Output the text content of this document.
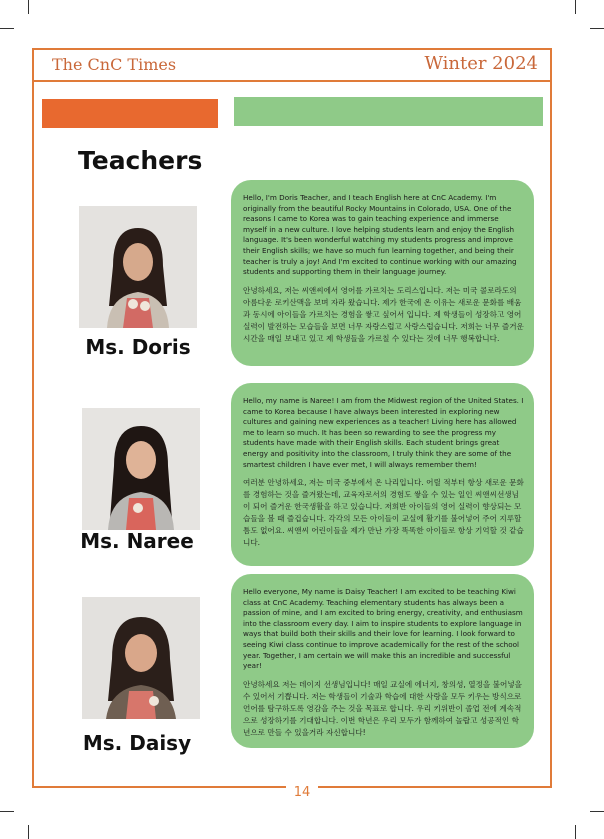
The CnC Times	Winter 2024
Teachers
Ms. Doris

Hello, I'm Doris Teacher, and I teach English here at CnC Academy. I'm originally from the beautiful Rocky Mountains in Colorado, USA. One of the reasons I came to Korea was to gain teaching experience and immerse myself in a new culture. I love helping students learn and enjoy the English language. It's been wonderful watching my students progress and improve their English skills; we have so much fun learning together, and being their teacher is truly a joy! And I'm excited to continue working with our amazing students and supporting them in their language journey.

안녕하세요, 저는 씨앤씨에서 영어를 가르치는 도리스입니다. 저는 미국 콜로라도의 아름다운 로키산맥을 보며 자라 왔습니다. 제가 한국에 온 이유는 새로운 문화를 배움과 동시에 아이들을 가르치는 경험을 쌓고 싶어서 입니다. 제 학생들이 성장하고 영어 실력이 발전하는 모습들을 보면 너무 자랑스럽고 사랑스럽습니다. 저희는 너무 즐거운 시간을 매일 보내고 있고 제 학생들을 가르칠 수 있다는 것에 너무 행복합니다.

Ms. Naree

Hello, my name is Naree! I am from the Midwest region of the United States. I came to Korea because I have always been interested in exploring new cultures and gaining new experiences as a teacher! Living here has allowed me to learn so much. It has been so rewarding to see the progress my students have made with their English skills. Each student brings great energy and positivity into the classroom, I truly think they are some of the smartest children I have ever met, I will always remember them!

여러분 안녕하세요, 저는 미국 중부에서 온 나리입니다. 어릴 적부터 항상 새로운 문화를 경험하는 것을 즐겨왔는데, 교육자로서의 경험도 쌓을 수 있는 일인 씨앤씨선생님이 되어 즐거운 한국생활을 하고 있습니다. 저희반 아이들의 영어 실력이 향상되는 모습들을 볼 때 즐겁습니다. 각각의 모든 아이들이 교실에 활기를 불어넣어 주어 지루할 틈도 없어요. 씨앤씨 어린이들을 제가 만난 가장 똑똑한 아이들로 항상 기억할 것 같습니다.

Ms. Daisy

Hello everyone, My name is Daisy Teacher! I am excited to be teaching Kiwi class at CnC Academy. Teaching elementary students has always been a passion of mine, and I am excited to bring energy, creativity, and enthusiasm into the classroom every day. I aim to inspire students to explore language in ways that build both their skills and their love for learning. I look forward to seeing Kiwi class continue to improve academically for the rest of the school year. Together, I am certain we will make this an incredible and successful year!

안녕하세요 저는 데이지 선생님입니다! 매일 교실에 에너지, 창의성, 열정을 불어넣을 수 있어서 기쁩니다. 저는 학생들이 기술과 학습에 대한 사랑을 모두 키우는 방식으로 언어를 탐구하도록 영감을 주는 것을 목표로 합니다. 우리 키위반이 졸업 전에 계속적으로 성장하기를 기대합니다. 이번 학년은 우리 모두가 함께하여 놀랍고 성공적인 학년으로 만들 수 있을거라 자신합니다!

14
